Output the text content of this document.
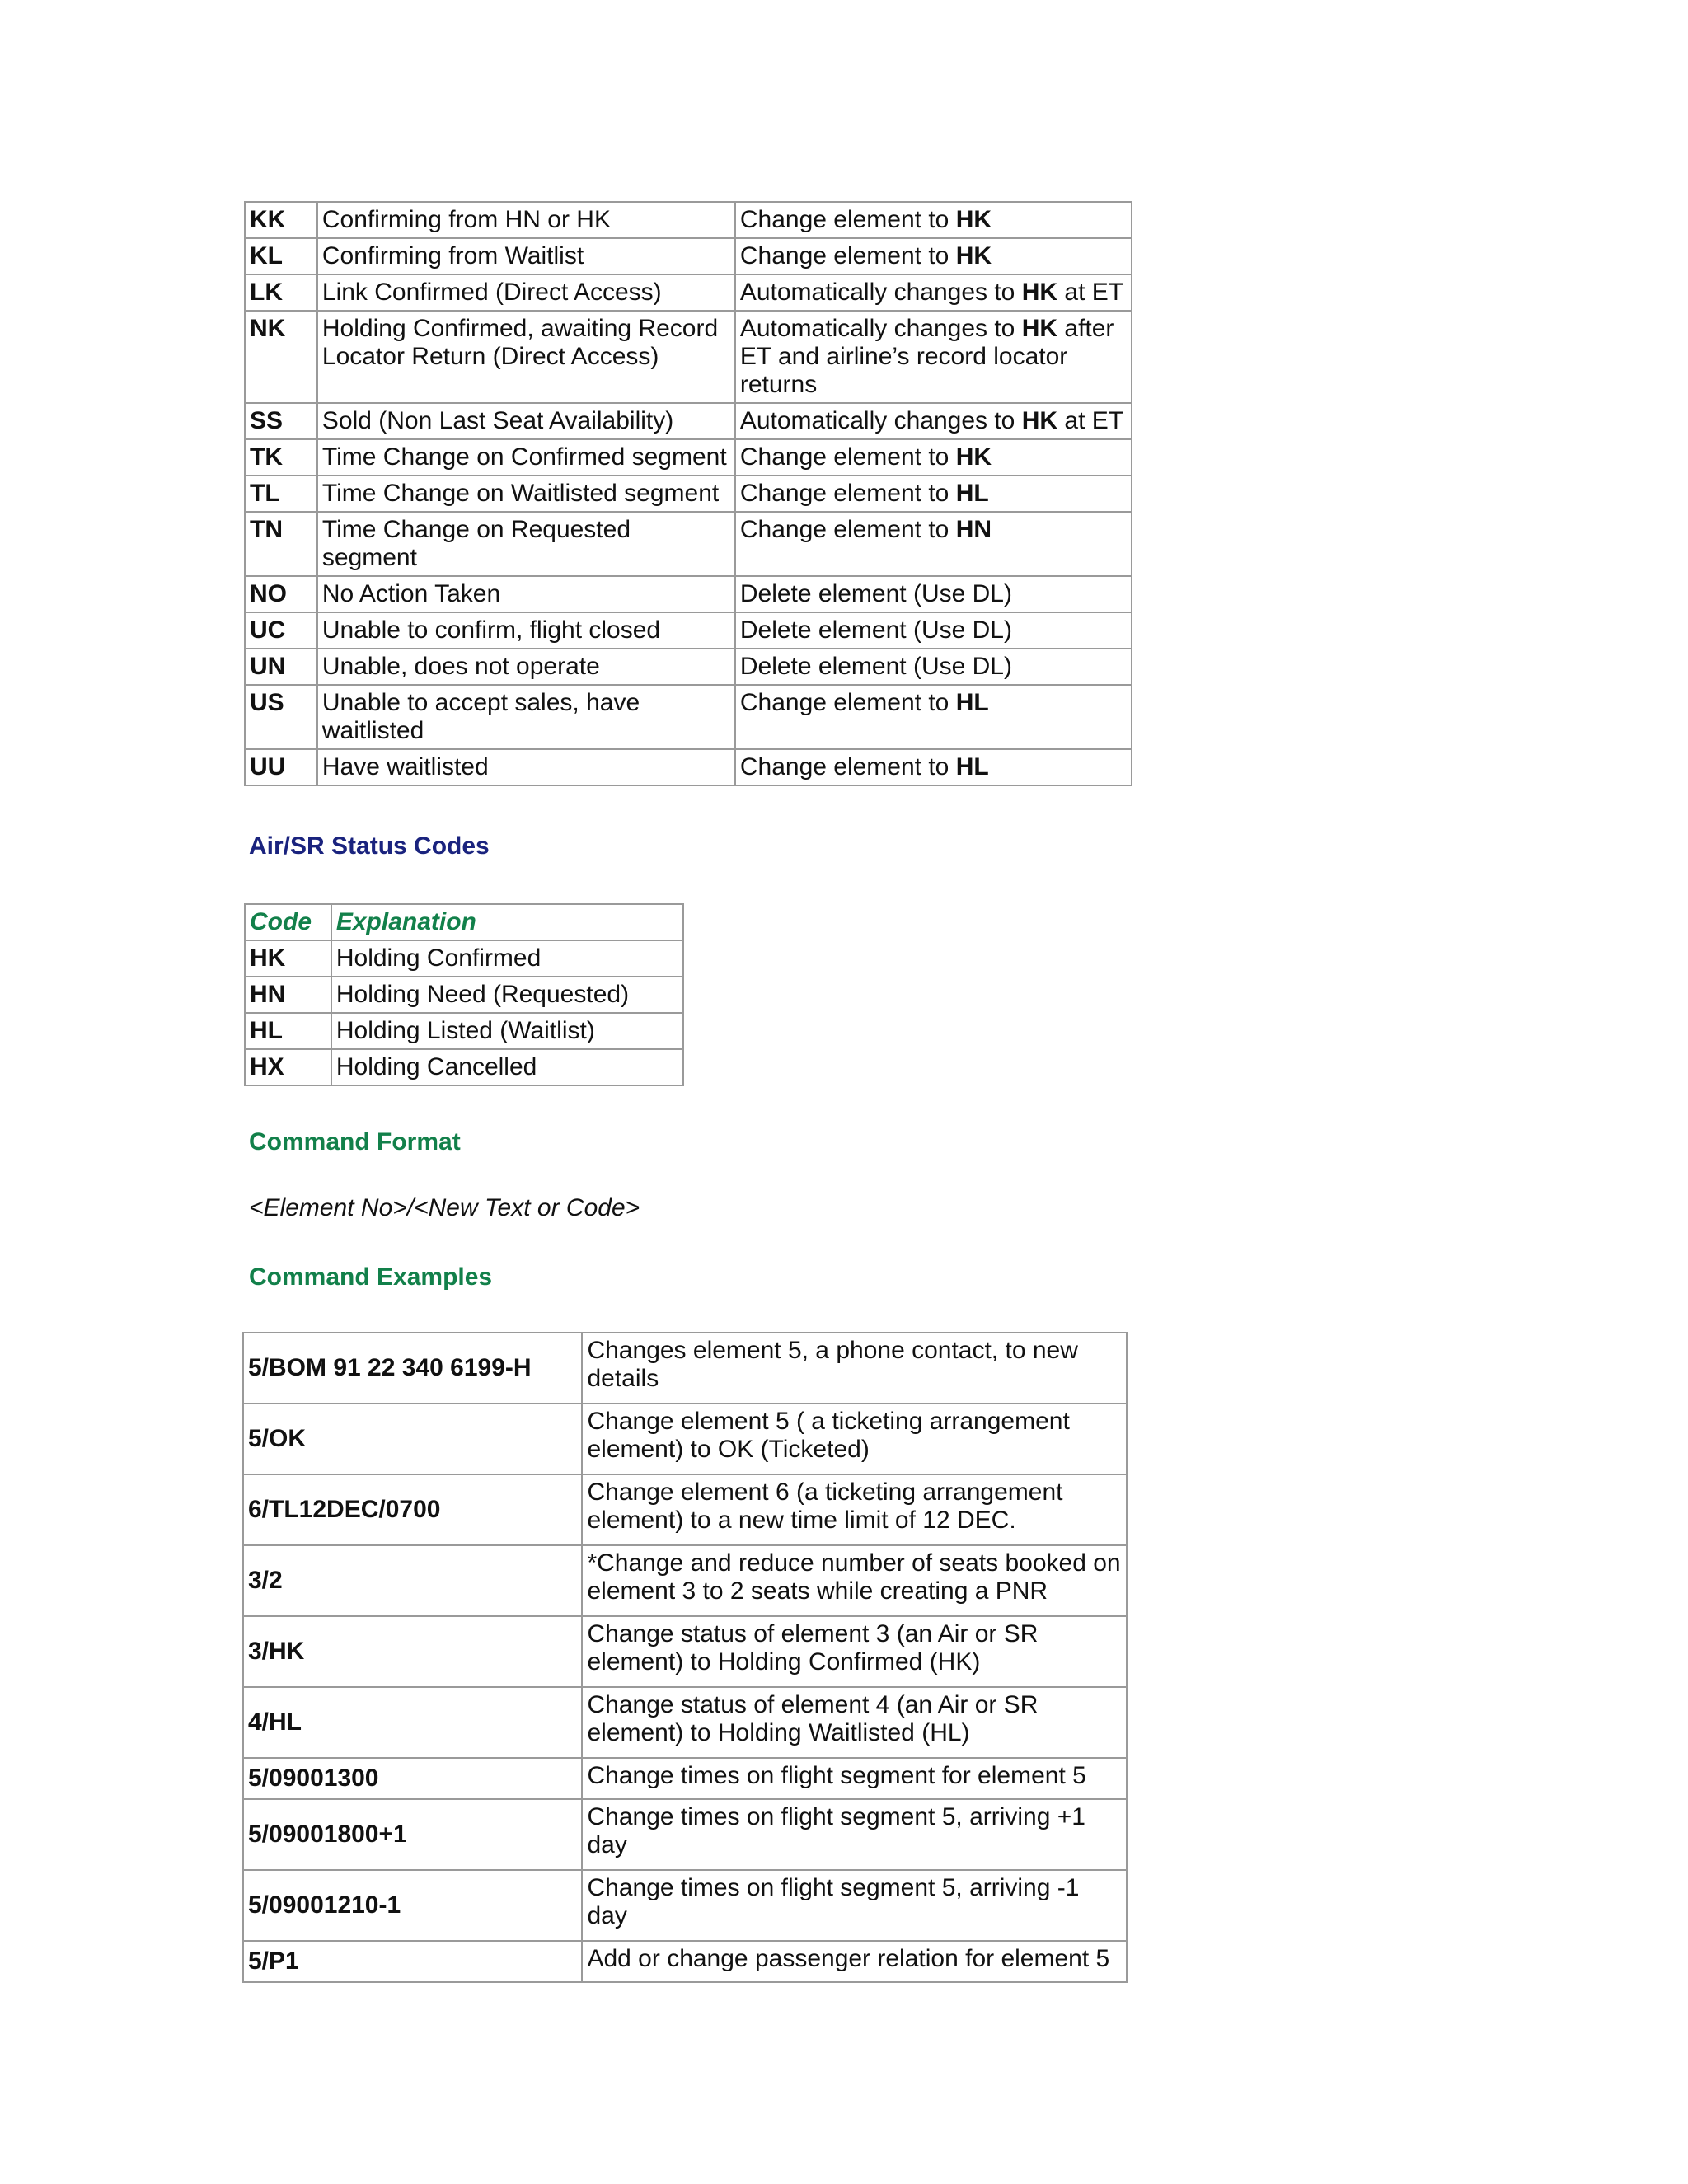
KK	Confirming from HN or HK	Change element to HK
KL	Confirming from Waitlist	Change element to HK
LK	Link Confirmed (Direct Access)	Automatically changes to HK at ET
NK	Holding Confirmed, awaiting Record Locator Return (Direct Access)	Automatically changes to HK after ET and airline’s record locator returns
SS	Sold (Non Last Seat Availability)	Automatically changes to HK at ET
TK	Time Change on Confirmed segment	Change element to HK
TL	Time Change on Waitlisted segment	Change element to HL
TN	Time Change on Requested segment	Change element to HN
NO	No Action Taken	Delete element (Use DL)
UC	Unable to confirm, flight closed	Delete element (Use DL)
UN	Unable, does not operate	Delete element (Use DL)
US	Unable to accept sales, have waitlisted	Change element to HL
UU	Have waitlisted	Change element to HL
Air/SR Status Codes
Code	Explanation
HK	Holding Confirmed
HN	Holding Need (Requested)
HL	Holding Listed (Waitlist)
HX	Holding Cancelled
Command Format

<Element No>/<New Text or Code>

Command Examples
5/BOM 91 22 340 6199-H	Changes element 5, a phone contact, to new details
5/OK	Change element 5 ( a ticketing arrangement element) to OK (Ticketed)
6/TL12DEC/0700	Change element 6 (a ticketing arrangement element) to a new time limit of 12 DEC.
3/2	*Change and reduce number of seats booked on element 3 to 2 seats while creating a PNR
3/HK	Change status of element 3 (an Air or SR element) to Holding Confirmed (HK)
4/HL	Change status of element 4 (an Air or SR element) to Holding Waitlisted (HL)
5/09001300	Change times on flight segment for element 5
5/09001800+1	Change times on flight segment 5, arriving +1 day
5/09001210-1	Change times on flight segment 5, arriving -1 day
5/P1	Add or change passenger relation for element 5
